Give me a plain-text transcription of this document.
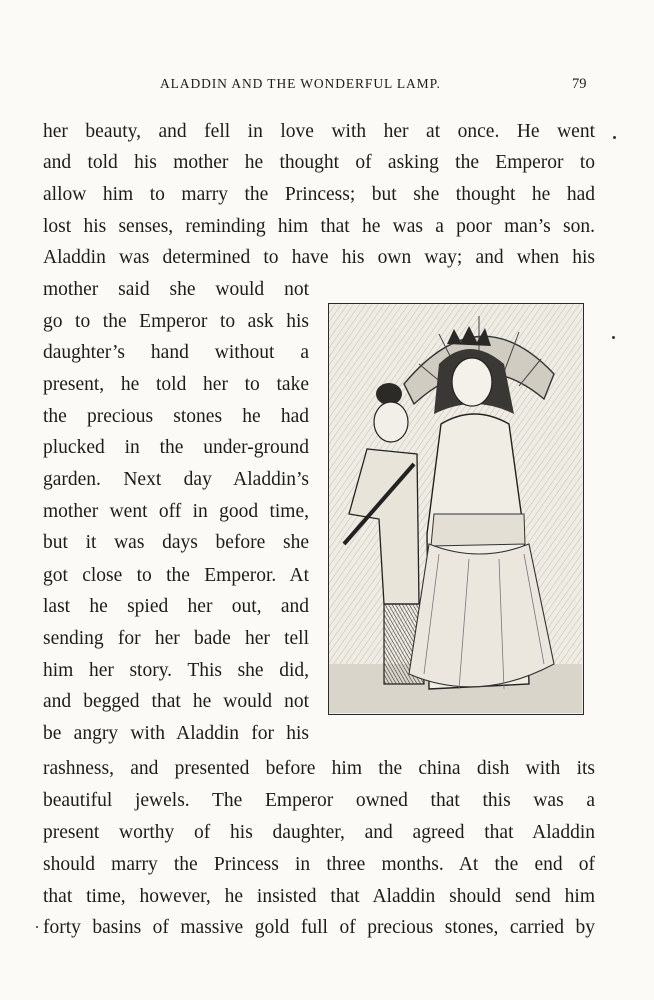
ALADDIN AND THE WONDERFUL LAMP.	79
her beauty, and fell in love with her at once. He went
and told his mother he thought of asking the Emperor to
allow him to marry the Princess; but she thought he had
lost his senses, reminding him that he was a poor man’s son.
Aladdin was determined to have his own way; and when his
mother said she would not
go to the Emperor to ask his
daughter’s hand without a
present, he told her to take
the precious stones he had
plucked in the under-ground
garden. Next day Aladdin’s
mother went off in good time,
but it was days before she
got close to the Emperor. At
last he spied her out, and
sending for her bade her tell
him her story. This she did,
and begged that he would not
be angry with Aladdin for his
rashness, and presented before him the china dish with its
beautiful jewels. The Emperor owned that this was a
present worthy of his daughter, and agreed that Aladdin
should marry the Princess in three months. At the end of
that time, however, he insisted that Aladdin should send him
forty basins of massive gold full of precious stones, carried by
